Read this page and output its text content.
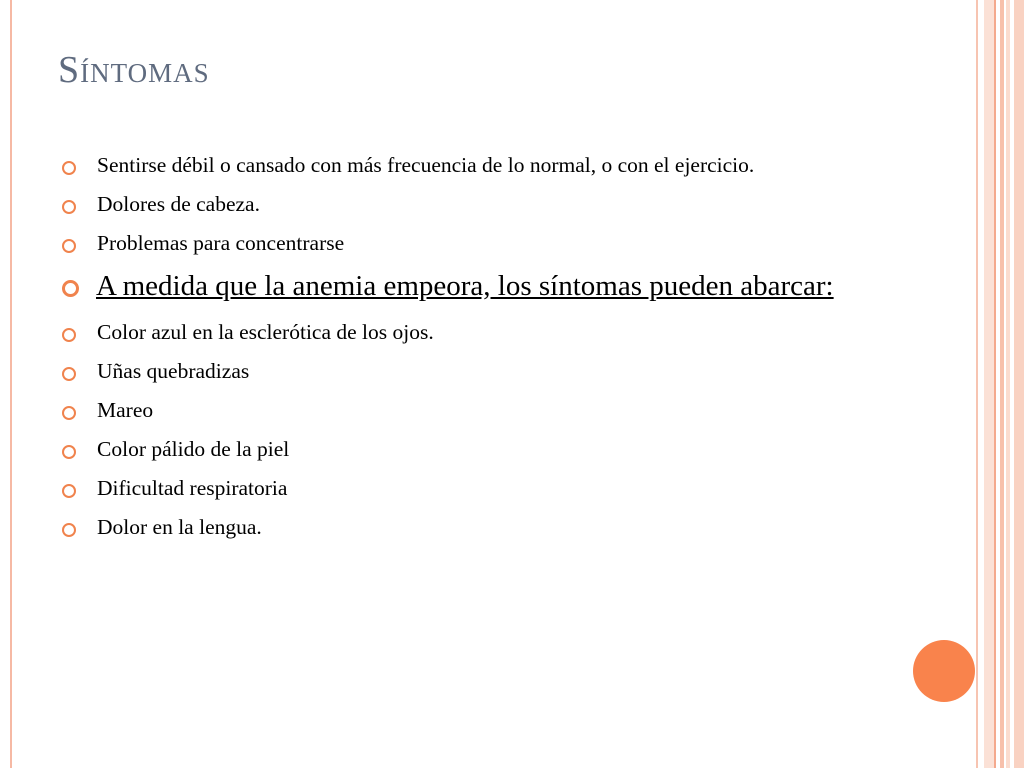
Síntomas
Sentirse débil o cansado con más frecuencia de lo normal, o con el ejercicio.
Dolores de cabeza.
Problemas para concentrarse
A medida que la anemia empeora, los síntomas pueden abarcar:
Color azul en la esclerótica de los ojos.
Uñas quebradizas
Mareo
Color pálido de la piel
Dificultad respiratoria
Dolor en la lengua.
